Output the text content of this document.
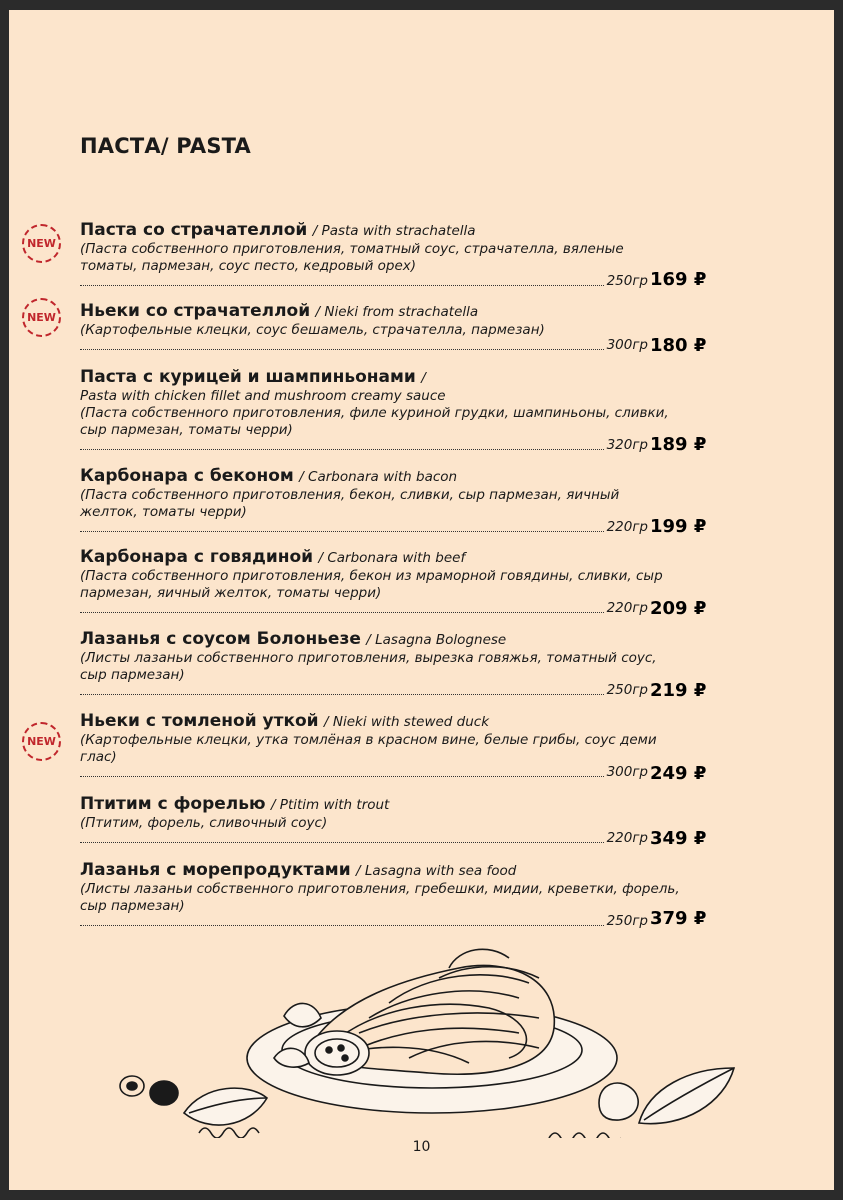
ПАСТА/ PASTA
Паста со страчателлой / Pasta with strachatella
(Паста собственного приготовления, томатный соус, страчателла, вяленые томаты, пармезан, соус песто, кедровый орех)
250гр 169 ₽
NEW
Ньеки со страчателлой / Nieki from strachatella
(Картофельные клецки, соус бешамель, страчателла, пармезан)
300гр 180 ₽
NEW
Паста с курицей и шампиньонами /
Pasta with chicken fillet and mushroom creamy sauce
(Паста собственного приготовления, филе куриной грудки, шампиньоны, сливки, сыр пармезан, томаты черри)
320гр 189 ₽
Карбонара с беконом / Carbonara with bacon
(Паста собственного приготовления, бекон, сливки, сыр пармезан, яичный желток, томаты черри)
220гр 199 ₽
Карбонара с говядиной / Carbonara with beef
(Паста собственного приготовления, бекон из мраморной говядины, сливки, сыр пармезан, яичный желток, томаты черри)
220гр 209 ₽
Лазанья с соусом Болоньезе / Lasagna Bolognese
(Листы лазаньи собственного приготовления, вырезка говяжья, томатный соус, сыр пармезан)
250гр 219 ₽
Ньеки с томленой уткой / Nieki with stewed duck
(Картофельные клецки, утка томлёная в красном вине, белые грибы, соус деми глас)
300гр 249 ₽
NEW
Птитим с форелью / Ptitim with trout
(Птитим, форель, сливочный соус)
220гр 349 ₽
Лазанья с морепродуктами / Lasagna with sea food
(Листы лазаньи собственного приготовления, гребешки, мидии, креветки, форель, сыр пармезан)
250гр 379 ₽
10
